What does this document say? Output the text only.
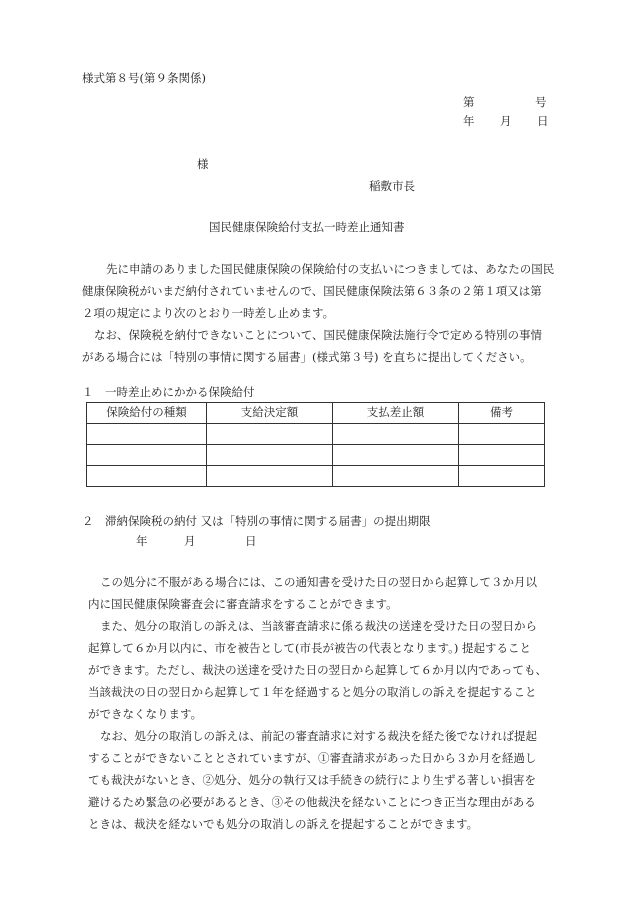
様式第８号(第９条関係)
第	号
年 月 日
様
稲敷市長
国民健康保険給付支払一時差止通知書
先に申請のありました国民健康保険の保険給付の支払いにつきましては、あなたの国民
健康保険税がいまだ納付されていませんので、国民健康保険法第６３条の２第１項又は第
２項の規定により次のとおり一時差し止めます。
なお、保険税を納付できないことについて、国民健康保険法施行令で定める特別の事情
がある場合には「特別の事情に関する届書」(様式第３号) を直ちに提出してください。
１　一時差止めにかかる保険給付
保険給付の種類	支給決定額	支払差止額	備考

２　滞納保険税の納付 又は「特別の事情に関する届書」の提出期限
年	月	日
この処分に不服がある場合には、この通知書を受けた日の翌日から起算して３か月以
内に国民健康保険審査会に審査請求をすることができます。
また、処分の取消しの訴えは、当該審査請求に係る裁決の送達を受けた日の翌日から
起算して６か月以内に、市を被告として(市長が被告の代表となります。) 提起すること
ができます。ただし、裁決の送達を受けた日の翌日から起算して６か月以内であっても、
当該裁決の日の翌日から起算して１年を経過すると処分の取消しの訴えを提起すること
ができなくなります。
なお、処分の取消しの訴えは、前記の審査請求に対する裁決を経た後でなければ提起
することができないこととされていますが、①審査請求があった日から３か月を経過し
ても裁決がないとき、②処分、処分の執行又は手続きの続行により生ずる著しい損害を
避けるため緊急の必要があるとき、③その他裁決を経ないことにつき正当な理由がある
ときは、裁決を経ないでも処分の取消しの訴えを提起することができます。
